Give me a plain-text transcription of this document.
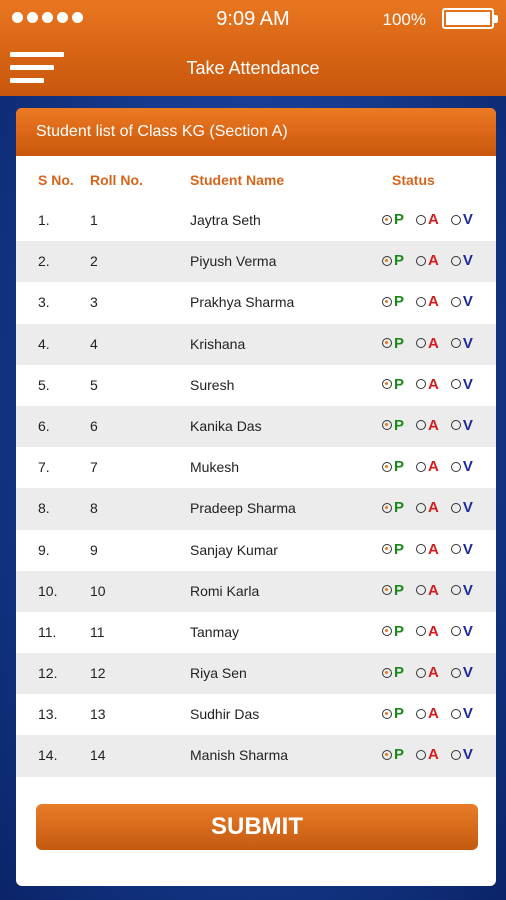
9:09 AM	100%
Take Attendance
Student list of Class KG (Section A)
S No. Roll No.	Student Name	Status
1.	1	Jaytra Seth	P A V
2.	2	Piyush Verma	P A V
3.	3	Prakhya Sharma	P A V
4.	4	Krishana	P A V
5.	5	Suresh	P A V
6.	6	Kanika Das	P A V
7.	7	Mukesh	P A V
8.	8	Pradeep Sharma	P A V
9.	9	Sanjay Kumar	P A V
10. 10	Romi Karla	P A V
11. 11	Tanmay	P A V
12. 12	Riya Sen	P A V
13. 13	Sudhir Das	P A V
14. 14	Manish Sharma	P A V
SUBMIT
